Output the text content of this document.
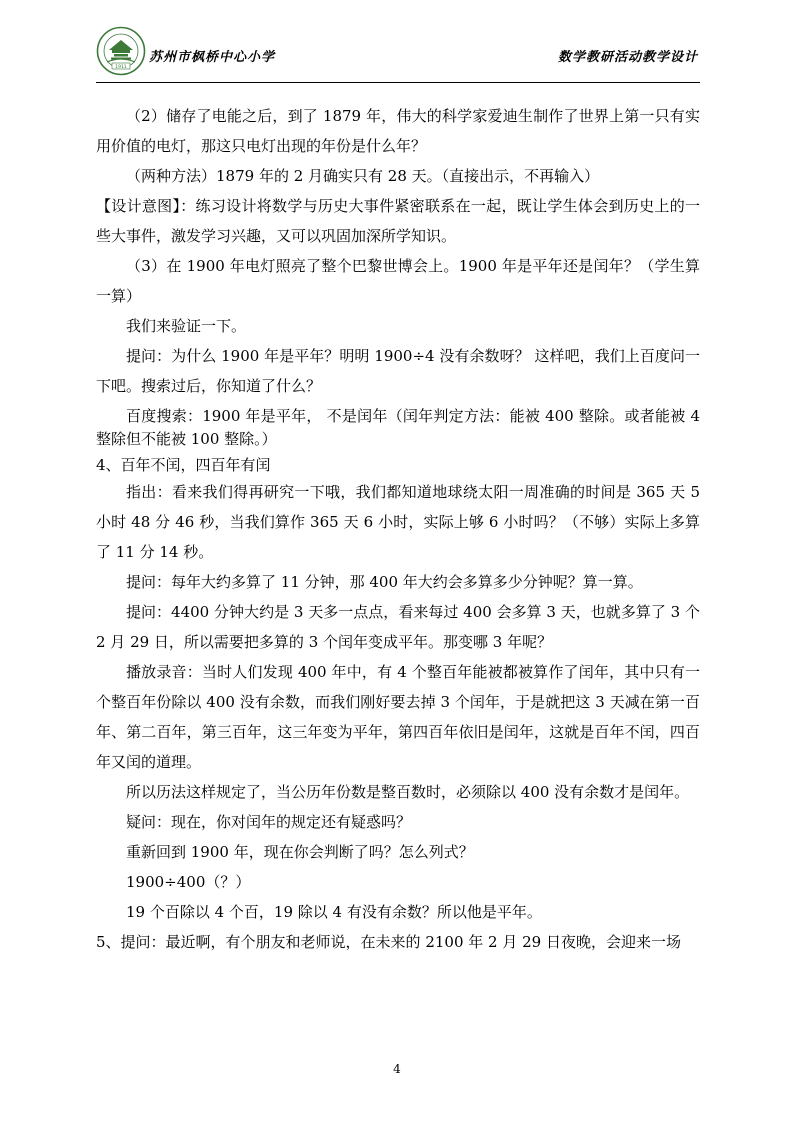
1911
苏州市枫桥中心小学	数学教研活动教学设计

（2）储存了电能之后，到了 1879 年，伟大的科学家爱迪生制作了世界上第一只有实用价值的电灯，那这只电灯出现的年份是什么年？

（两种方法）1879 年的 2 月确实只有 28 天。（直接出示，不再输入）

【设计意图】：练习设计将数学与历史大事件紧密联系在一起，既让学生体会到历史上的一些大事件，激发学习兴趣，又可以巩固加深所学知识。

（3）在 1900 年电灯照亮了整个巴黎世博会上。1900 年是平年还是闰年？（学生算一算）

我们来验证一下。

提问：为什么 1900 年是平年？明明 1900÷4 没有余数呀？ 这样吧，我们上百度问一下吧。搜索过后，你知道了什么？

百度搜索：1900 年是平年， 不是闰年（闰年判定方法：能被 400 整除。或者能被 4 整除但不能被 100 整除。）

4、百年不闰，四百年有闰

指出：看来我们得再研究一下哦，我们都知道地球绕太阳一周准确的时间是 365 天 5 小时 48 分 46 秒，当我们算作 365 天 6 小时，实际上够 6 小时吗？（不够）实际上多算了 11 分 14 秒。

提问：每年大约多算了 11 分钟，那 400 年大约会多算多少分钟呢？算一算。

提问：4400 分钟大约是 3 天多一点点，看来每过 400 会多算 3 天，也就多算了 3 个 2 月 29 日，所以需要把多算的 3 个闰年变成平年。那变哪 3 年呢？

播放录音：当时人们发现 400 年中，有 4 个整百年能被都被算作了闰年，其中只有一个整百年份除以 400 没有余数，而我们刚好要去掉 3 个闰年，于是就把这 3 天减在第一百年、第二百年，第三百年，这三年变为平年，第四百年依旧是闰年，这就是百年不闰，四百年又闰的道理。

所以历法这样规定了，当公历年份数是整百数时，必须除以 400 没有余数才是闰年。

疑问：现在，你对闰年的规定还有疑惑吗？

重新回到 1900 年，现在你会判断了吗？怎么列式？

1900÷400（？）

19 个百除以 4 个百，19 除以 4 有没有余数？所以他是平年。

5、提问：最近啊，有个朋友和老师说，在未来的 2100 年 2 月 29 日夜晚，会迎来一场

4
